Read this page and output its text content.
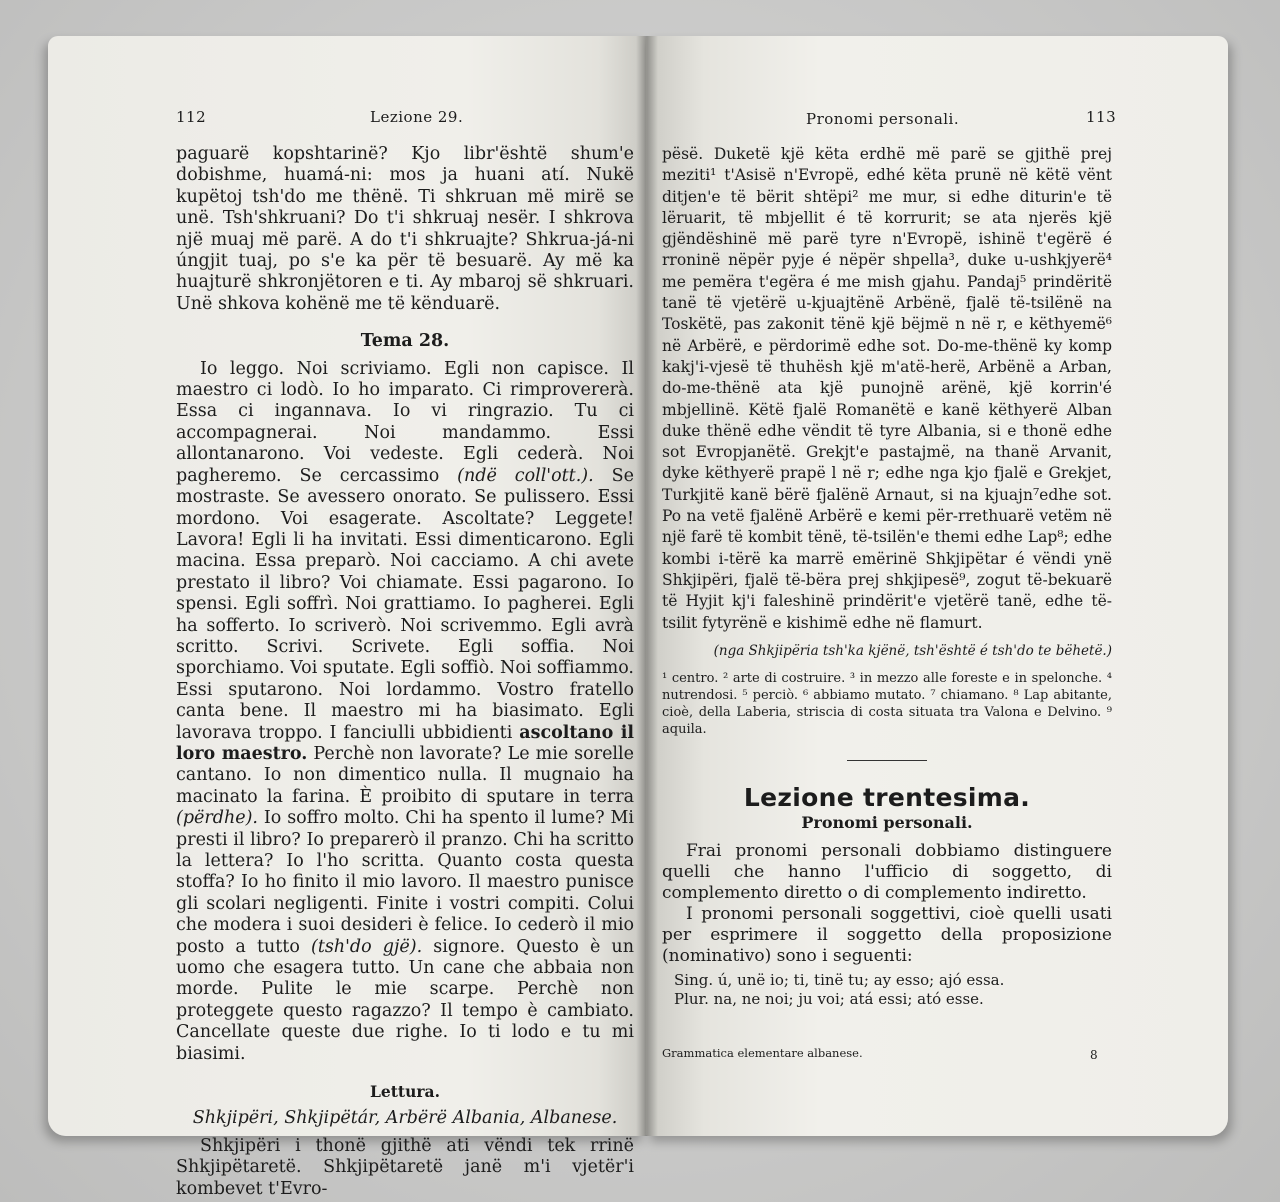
112	Lezione 29.

paguarë kopshtarinë? Kjo libr'është shum'e dobishme, huamá-ni: mos ja huani atí. Nukë kupëtoj tsh'do me thënë. Ti shkruan më mirë se unë. Tsh'shkruani? Do t'i shkruaj nesër. I shkrova një muaj më parë. A do t'i shkruajte? Shkrua-já-ni úngjit tuaj, po s'e ka për të besuarë. Ay më ka huajturë shkronjëtoren e ti. Ay mbaroj së shkruari. Unë shkova kohënë me të kënduarë.

Tema 28.

Io leggo. Noi scriviamo. Egli non capisce. Il maestro ci lodò. Io ho imparato. Ci rimprovererà. Essa ci ingannava. Io vi ringrazio. Tu ci accompagnerai. Noi mandammo. Essi allontanarono. Voi vedeste. Egli cederà. Noi pagheremo. Se cercassimo (ndë coll'ott.). Se mostraste. Se avessero onorato. Se pulissero. Essi mordono. Voi esagerate. Ascoltate? Leggete! Lavora! Egli li ha invitati. Essi dimenticarono. Egli macina. Essa preparò. Noi cacciamo. A chi avete prestato il libro? Voi chiamate. Essi pagarono. Io spensi. Egli soffrì. Noi grattiamo. Io pagherei. Egli ha sofferto. Io scriverò. Noi scrivemmo. Egli avrà scritto. Scrivi. Scrivete. Egli soffia. Noi sporchiamo. Voi sputate. Egli soffiò. Noi soffiammo. Essi sputarono. Noi lordammo. Vostro fratello canta bene. Il maestro mi ha biasimato. Egli lavorava troppo. I fanciulli ubbidienti ascoltano il loro maestro. Perchè non lavorate? Le mie sorelle cantano. Io non dimentico nulla. Il mugnaio ha macinato la farina. È proibito di sputare in terra (përdhe). Io soffro molto. Chi ha spento il lume? Mi presti il libro? Io preparerò il pranzo. Chi ha scritto la lettera? Io l'ho scritta. Quanto costa questa stoffa? Io ho finito il mio lavoro. Il maestro punisce gli scolari negligenti. Finite i vostri compiti. Colui che modera i suoi desideri è felice. Io cederò il mio posto a tutto (tsh'do gjë). signore. Questo è un uomo che esagera tutto. Un cane che abbaia non morde. Pulite le mie scarpe. Perchè non proteggete questo ragazzo? Il tempo è cambiato. Cancellate queste due righe. Io ti lodo e tu mi biasimi.

Lettura.

Shkjipëri, Shkjipëtár, Arbërë Albania, Albanese.

Shkjipëri i thonë gjithë ati vëndi tek rrinë Shkjipëtaretë. Shkjipëtaretë janë m'i vjetër'i kombevet t'Evro-

Pronomi personali.	113

pësë. Duketë kjë këta erdhë më parë se gjithë prej meziti¹ t'Asisë n'Evropë, edhé këta prunë në këtë vënt ditjen'e të bërit shtëpi² me mur, si edhe diturin'e të lëruarit, të mbjellit é të korrurit; se ata njerës kjë gjëndëshinë më parë tyre n'Evropë, ishinë t'egërë é rroninë nëpër pyje é nëpër shpella³, duke u-ushkjyerë⁴ me pemëra t'egëra é me mish gjahu. Pandaj⁵ prindëritë tanë të vjetërë u-kjuajtënë Arbënë, fjalë të-tsilënë na Toskëtë, pas zakonit tënë kjë bëjmë n në r, e këthyemë⁶ në Arbërë, e përdorimë edhe sot. Do-me-thënë ky komp kakj'i-vjesë të thuhësh kjë m'atë-herë, Arbënë a Arban, do-me-thënë ata kjë punojnë arënë, kjë korrin'é mbjellinë. Këtë fjalë Romanëtë e kanë këthyerë Alban duke thënë edhe vëndit të tyre Albania, si e thonë edhe sot Evropjanëtë. Grekjt'e pastajmë, na thanë Arvanit, dyke këthyerë prapë l në r; edhe nga kjo fjalë e Grekjet, Turkjitë kanë bërë fjalënë Arnaut, si na kjuajn⁷edhe sot. Po na vetë fjalënë Arbërë e kemi për-rrethuarë vetëm në një farë të kombit tënë, të-tsilën'e themi edhe Lap⁸; edhe kombi i-tërë ka marrë emërinë Shkjipëtar é vëndi ynë Shkjipëri, fjalë të-bëra prej shkjipesë⁹, zogut të-bekuarë të Hyjit kj'i faleshinë prindërit'e vjetërë tanë, edhe të-tsilit fytyrënë e kishimë edhe në flamurt.

(nga Shkjipëria tsh'ka kjënë, tsh'është é tsh'do te bëhetë.)

¹ centro. ² arte di costruire. ³ in mezzo alle foreste e in spelonche. ⁴ nutrendosi. ⁵ perciò. ⁶ abbiamo mutato. ⁷ chiamano. ⁸ Lap abitante, cioè, della Laberia, striscia di costa situata tra Valona e Delvino. ⁹ aquila.

Lezione trentesima.

Pronomi personali.

Frai pronomi personali dobbiamo distinguere quelli che hanno l'ufficio di soggetto, di complemento diretto o di complemento indiretto.

I pronomi personali soggettivi, cioè quelli usati per esprimere il soggetto della proposizione (nominativo) sono i seguenti:

Sing. ú, unë io; ti, tinë tu; ay esso; ajó essa.

Plur. na, ne noi; ju voi; atá essi; ató esse.

Grammatica elementare albanese.	8
